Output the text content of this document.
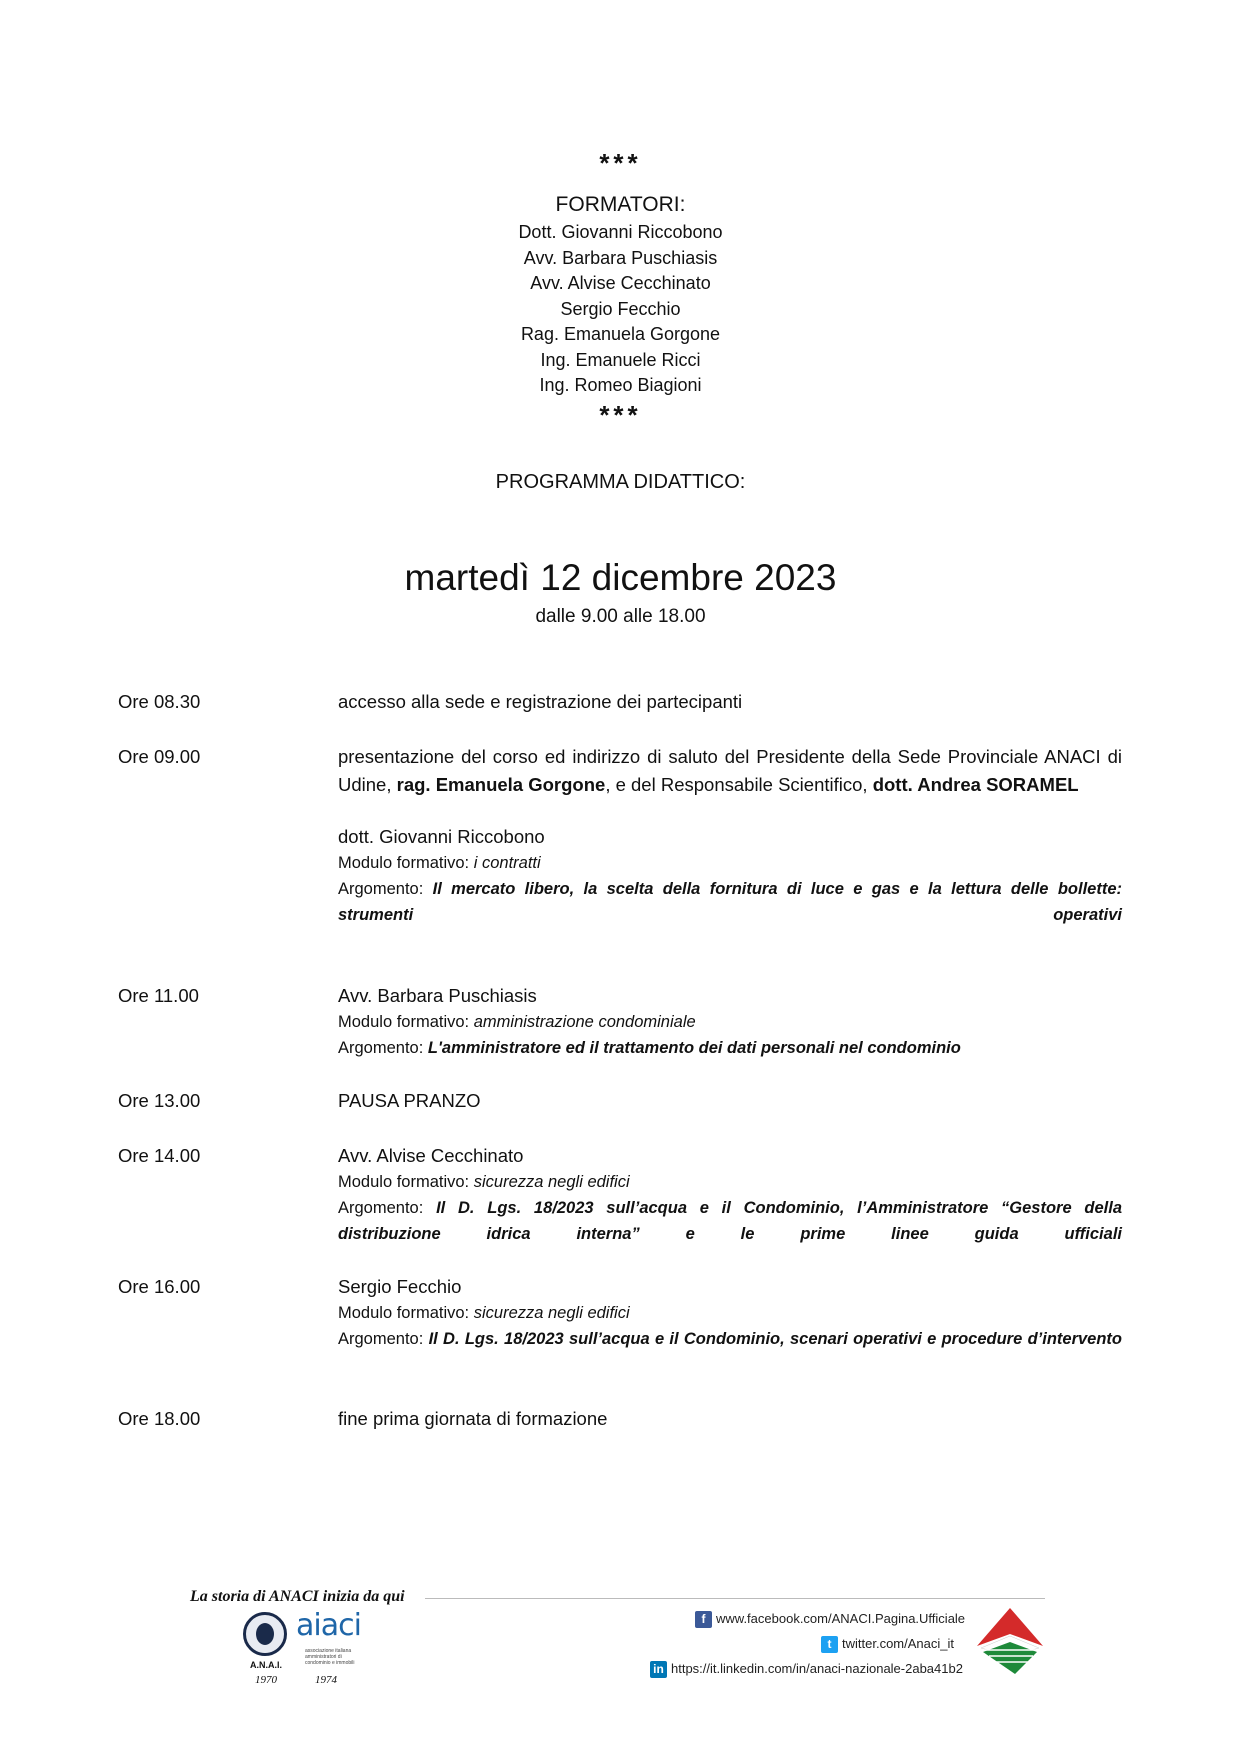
***
FORMATORI:
Dott. Giovanni Riccobono
Avv. Barbara Puschiasis
Avv. Alvise Cecchinato
Sergio Fecchio
Rag. Emanuela Gorgone
Ing. Emanuele Ricci
Ing. Romeo Biagioni
***
PROGRAMMA DIDATTICO:
martedì 12 dicembre 2023
dalle 9.00 alle 18.00
Ore 08.30	accesso alla sede e registrazione dei partecipanti
Ore 09.00	presentazione del corso ed indirizzo di saluto del Presidente della Sede Provinciale ANACI di Udine, rag. Emanuela Gorgone, e del Responsabile Scientifico, dott. Andrea SORAMEL
dott. Giovanni Riccobono
Modulo formativo: i contratti
Argomento: Il mercato libero, la scelta della fornitura di luce e gas e la lettura delle bollette: strumenti operativi
Ore 11.00	Avv. Barbara Puschiasis
Modulo formativo: amministrazione condominiale
Argomento: L'amministratore ed il trattamento dei dati personali nel condominio
Ore 13.00	PAUSA PRANZO
Ore 14.00	Avv. Alvise Cecchinato
Modulo formativo: sicurezza negli edifici
Argomento: Il D. Lgs. 18/2023 sull’acqua e il Condominio, l’Amministratore “Gestore della distribuzione idrica interna” e le prime linee guida ufficiali
Ore 16.00	Sergio Fecchio
Modulo formativo: sicurezza negli edifici
Argomento: Il D. Lgs. 18/2023 sull’acqua e il Condominio, scenari operativi e procedure d’intervento
Ore 18.00	fine prima giornata di formazione
La storia di ANACI inizia da qui
A.N.A.I.
1970
aiaci
associazione italiana amministratori di condominio e immobili
1974
f www.facebook.com/ANACI.Pagina.Ufficiale
t twitter.com/Anaci_it
in https://it.linkedin.com/in/anaci-nazionale-2aba41b2
